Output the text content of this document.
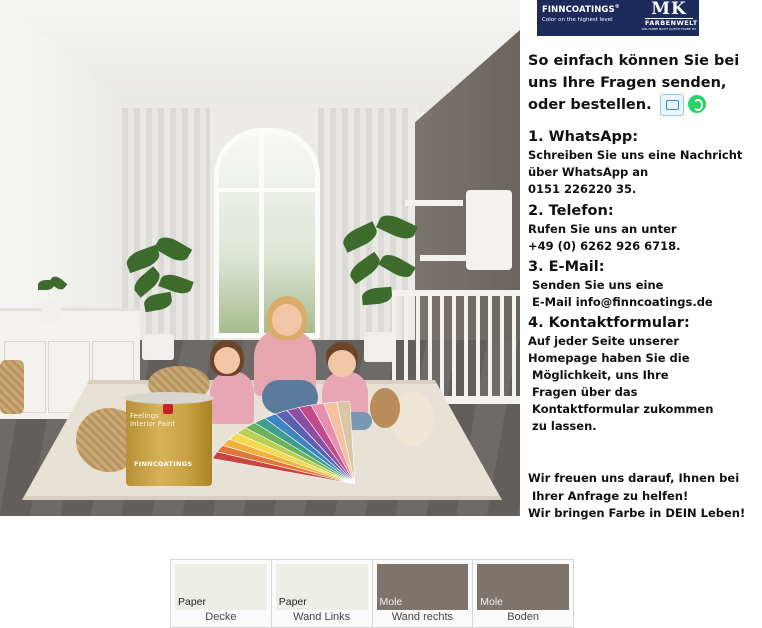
Feelings
Interior Paint
FINNCOATINGS
FINNCOATINGS®
Color on the highest level
MK
FARBENWELT
WIR FARBE NICHT GLEICH FARBE IST

So einfach können Sie bei
uns Ihre Fragen senden,
oder bestellen.

1. WhatsApp:

Schreiben Sie uns eine Nachricht
über WhatsApp an
0151 226220 35.

2. Telefon:

Rufen Sie uns an unter
+49 (0) 6262 926 6718.

3. E-Mail:

Senden Sie uns eine
E-Mail info@finncoatings.de

4. Kontaktformular:

Auf jeder Seite unserer
Homepage haben Sie die
Möglichkeit, uns Ihre
Fragen über das
Kontaktformular zukommen
zu lassen.

Wir freuen uns darauf, Ihnen bei
Ihrer Anfrage zu helfen!
Wir bringen Farbe in DEIN Leben!
Paper
Decke
Paper
Wand Links
Mole
Wand rechts
Mole
Boden
